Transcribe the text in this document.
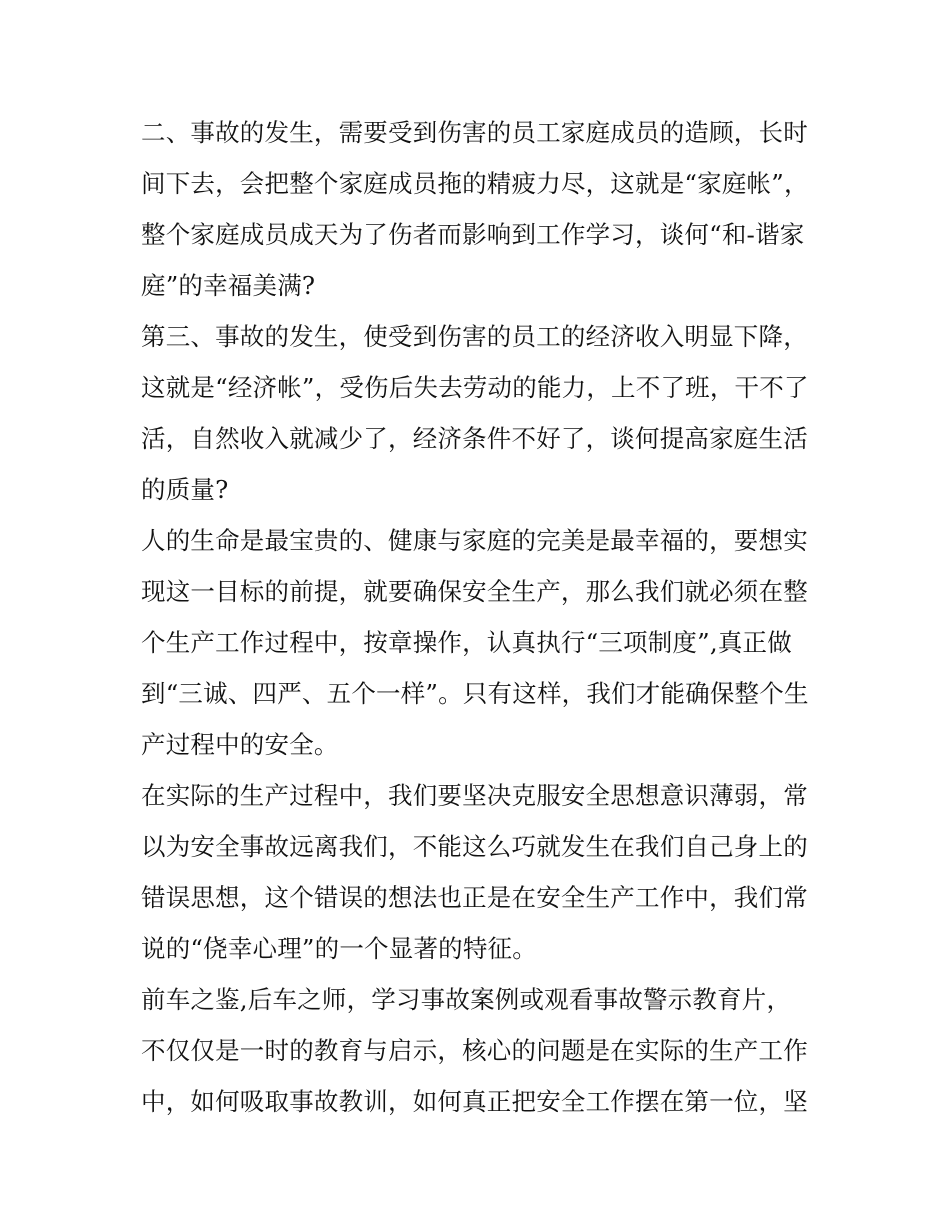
二、事故的发生，需要受到伤害的员工家庭成员的造顾，长时
间下去，会把整个家庭成员拖的精疲力尽，这就是“家庭帐”，
整个家庭成员成天为了伤者而影响到工作学习，谈何“和-谐家
庭”的幸福美满?
第三、事故的发生，使受到伤害的员工的经济收入明显下降，
这就是“经济帐”，受伤后失去劳动的能力，上不了班，干不了
活，自然收入就减少了，经济条件不好了，谈何提高家庭生活
的质量?
人的生命是最宝贵的、健康与家庭的完美是最幸福的，要想实
现这一目标的前提，就要确保安全生产，那么我们就必须在整
个生产工作过程中，按章操作，认真执行“三项制度”,真正做
到“三诚、四严、五个一样”。只有这样，我们才能确保整个生
产过程中的安全。
在实际的生产过程中，我们要坚决克服安全思想意识薄弱，常
以为安全事故远离我们，不能这么巧就发生在我们自己身上的
错误思想，这个错误的想法也正是在安全生产工作中，我们常
说的“侥幸心理”的一个显著的特征。
前车之鉴,后车之师，学习事故案例或观看事故警示教育片，
不仅仅是一时的教育与启示，核心的问题是在实际的生产工作
中，如何吸取事故教训，如何真正把安全工作摆在第一位，坚
